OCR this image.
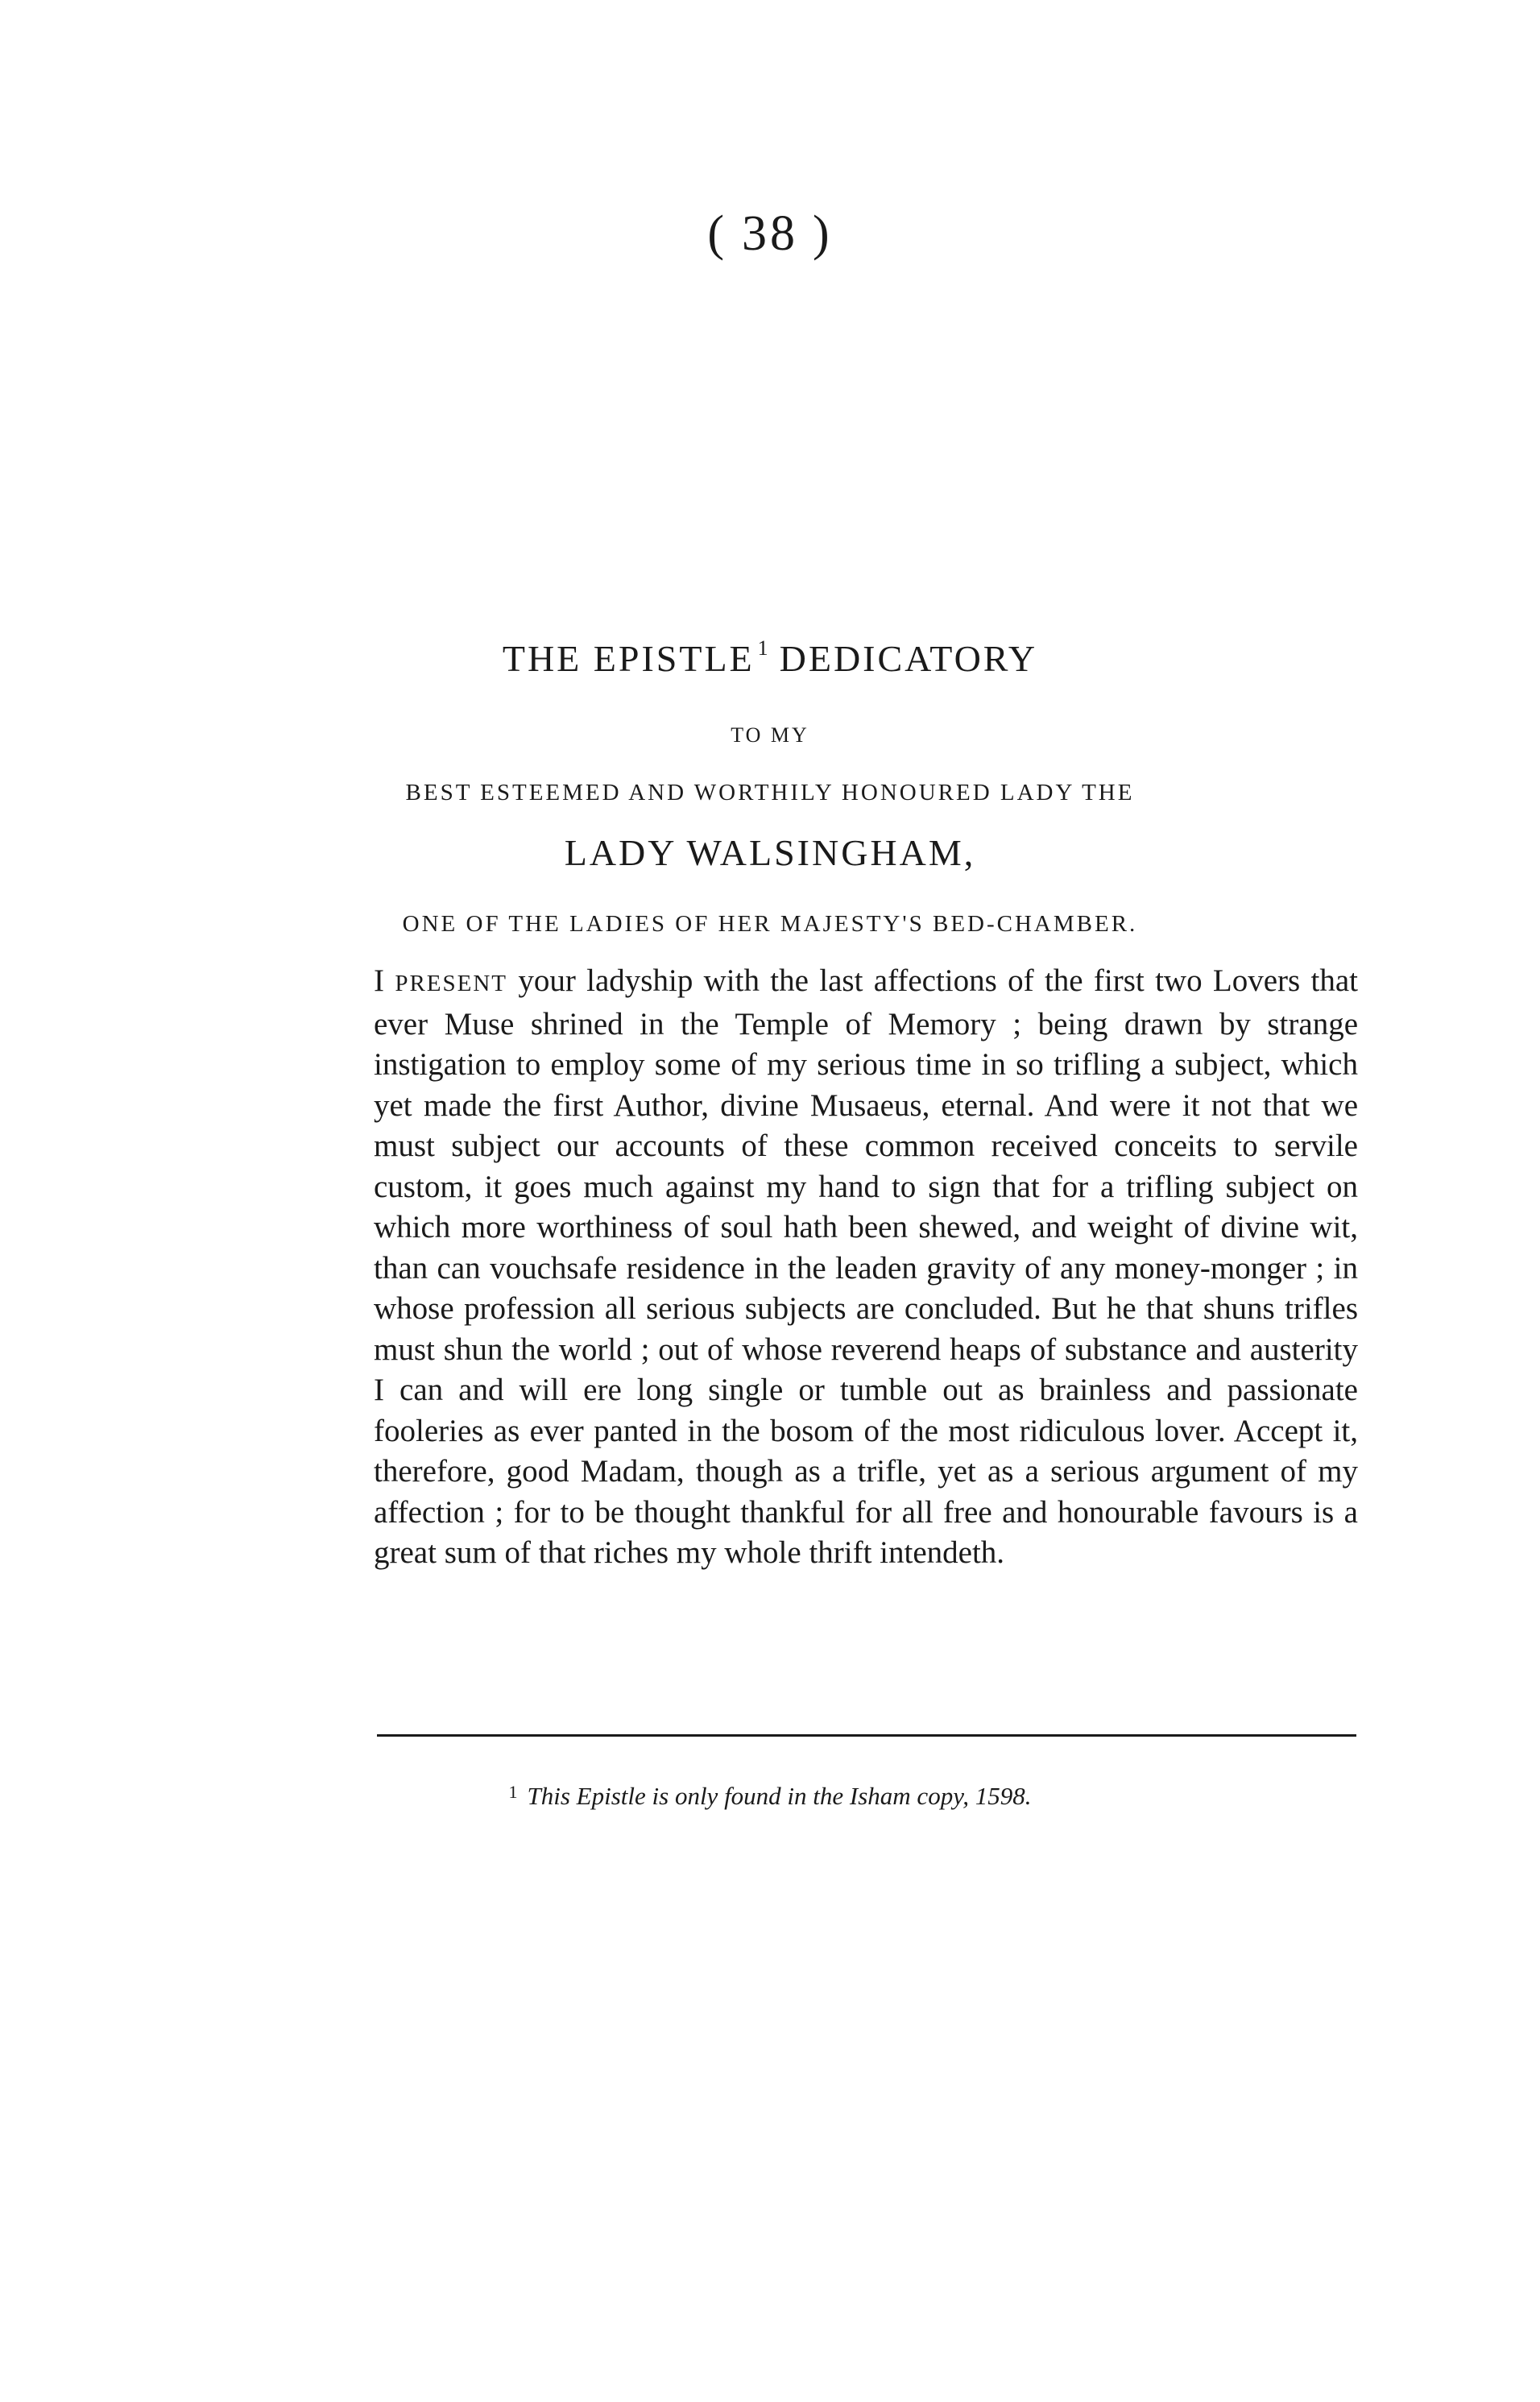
( 38 )
THE EPISTLE $^1$ DEDICATORY
TO MY
BEST ESTEEMED AND WORTHILY HONOURED LADY THE
LADY WALSINGHAM,
ONE OF THE LADIES OF HER MAJESTY'S BED-CHAMBER.
I PRESENT your ladyship with the last affections of the first two Lovers that ever Muse shrined in the Temple of Memory ; being drawn by strange instigation to employ some of my serious time in so trifling a subject, which yet made the first Author, divine Musaeus, eternal. And were it not that we must subject our accounts of these common received conceits to servile custom, it goes much against my hand to sign that for a trifling subject on which more worthiness of soul hath been shewed, and weight of divine wit, than can vouchsafe residence in the leaden gravity of any money-monger ; in whose profession all serious subjects are concluded. But he that shuns trifles must shun the world ; out of whose reverend heaps of substance and austerity I can and will ere long single or tumble out as brainless and passionate fooleries as ever panted in the bosom of the most ridiculous lover. Accept it, therefore, good Madam, though as a trifle, yet as a serious argument of my affection ; for to be thought thankful for all free and honourable favours is a great sum of that riches my whole thrift intendeth.
$^1$ This Epistle is only found in the Isham copy, 1598.
